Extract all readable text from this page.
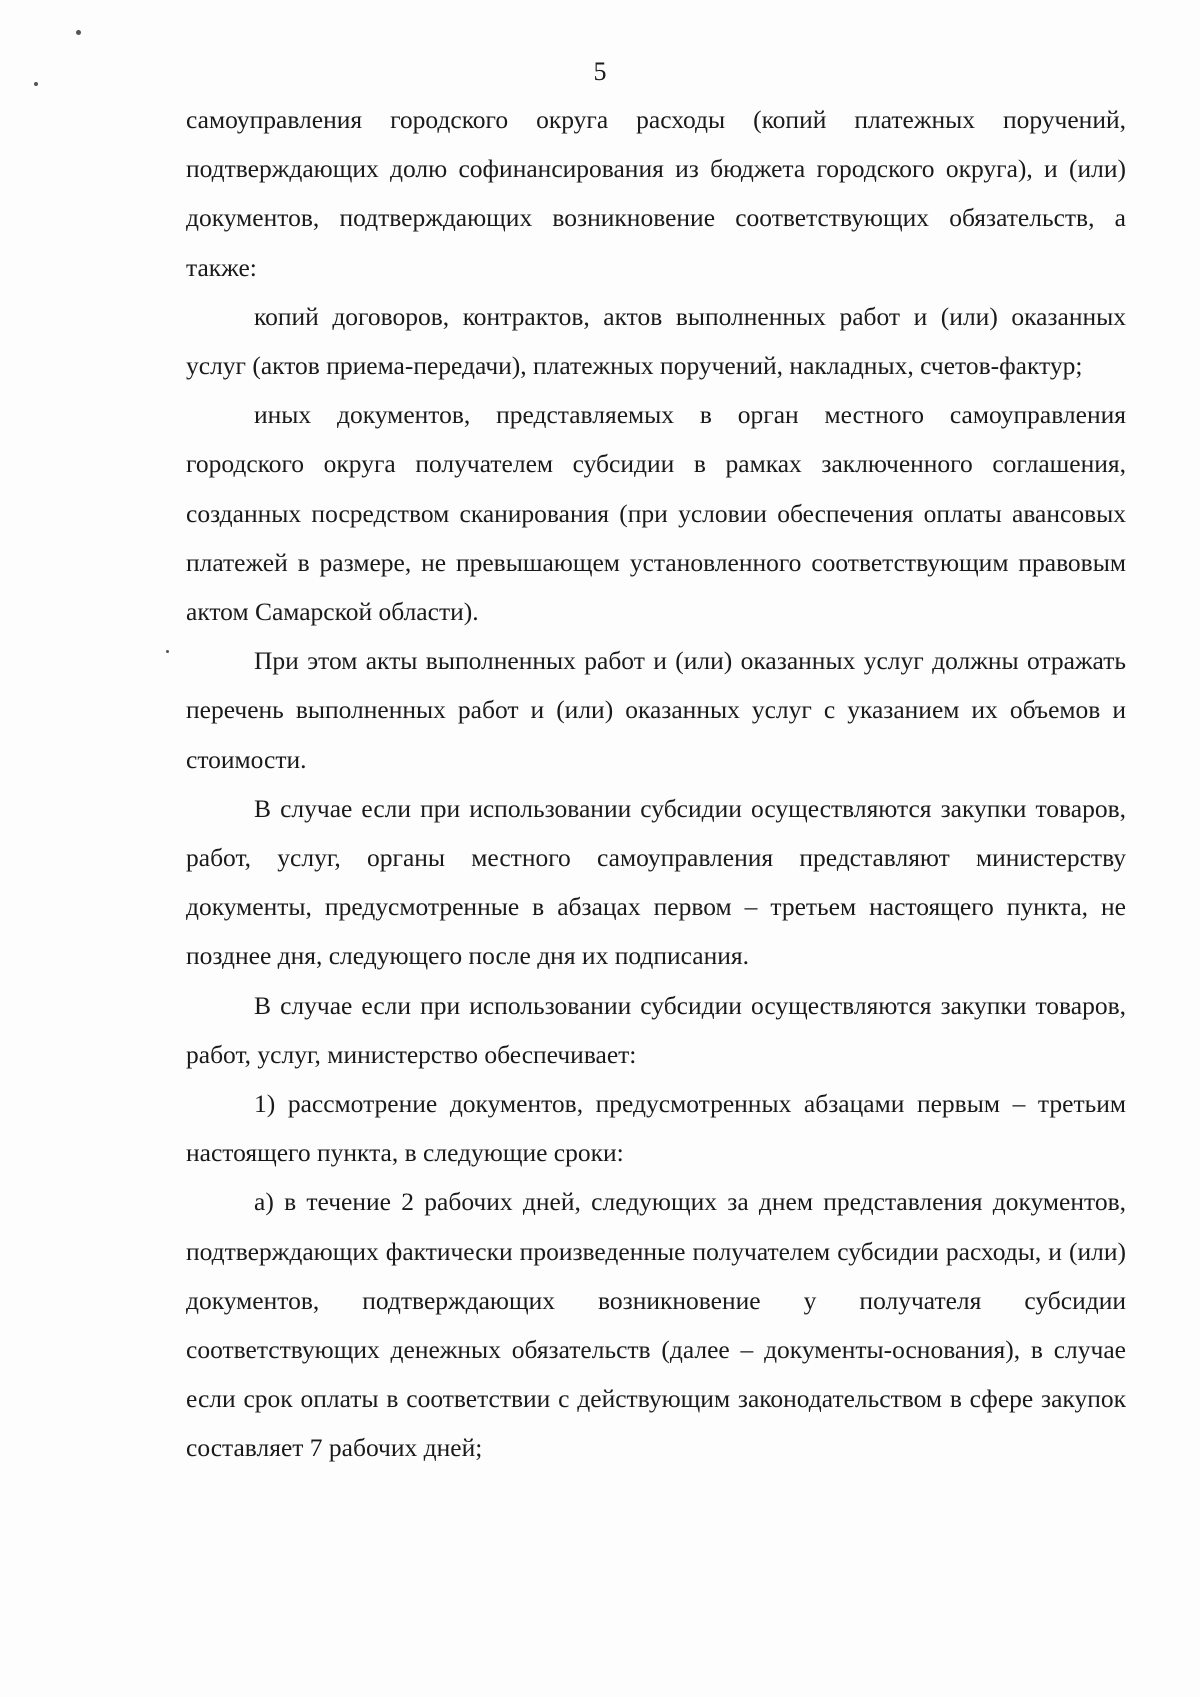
5

самоуправления городского округа расходы (копий платежных поручений, подтверждающих долю софинансирования из бюджета городского округа), и (или) документов, подтверждающих возникновение соответствующих обязательств, а также:

копий договоров, контрактов, актов выполненных работ и (или) оказанных услуг (актов приема-передачи), платежных поручений, накладных, счетов-фактур;

иных документов, представляемых в орган местного самоуправления городского округа получателем субсидии в рамках заключенного соглашения, созданных посредством сканирования (при условии обеспечения оплаты авансовых платежей в размере, не превышающем установленного соответствующим правовым актом Самарской области).

При этом акты выполненных работ и (или) оказанных услуг должны отражать перечень выполненных работ и (или) оказанных услуг с указанием их объемов и стоимости.

В случае если при использовании субсидии осуществляются закупки товаров, работ, услуг, органы местного самоуправления представляют министерству документы, предусмотренные в абзацах первом – третьем настоящего пункта, не позднее дня, следующего после дня их подписания.

В случае если при использовании субсидии осуществляются закупки товаров, работ, услуг, министерство обеспечивает:

1) рассмотрение документов, предусмотренных абзацами первым – третьим настоящего пункта, в следующие сроки:

а) в течение 2 рабочих дней, следующих за днем представления документов, подтверждающих фактически произведенные получателем субсидии расходы, и (или) документов, подтверждающих возникновение у получателя субсидии соответствующих денежных обязательств (далее – документы-основания), в случае если срок оплаты в соответствии с действующим законодательством в сфере закупок составляет 7 рабочих дней;
